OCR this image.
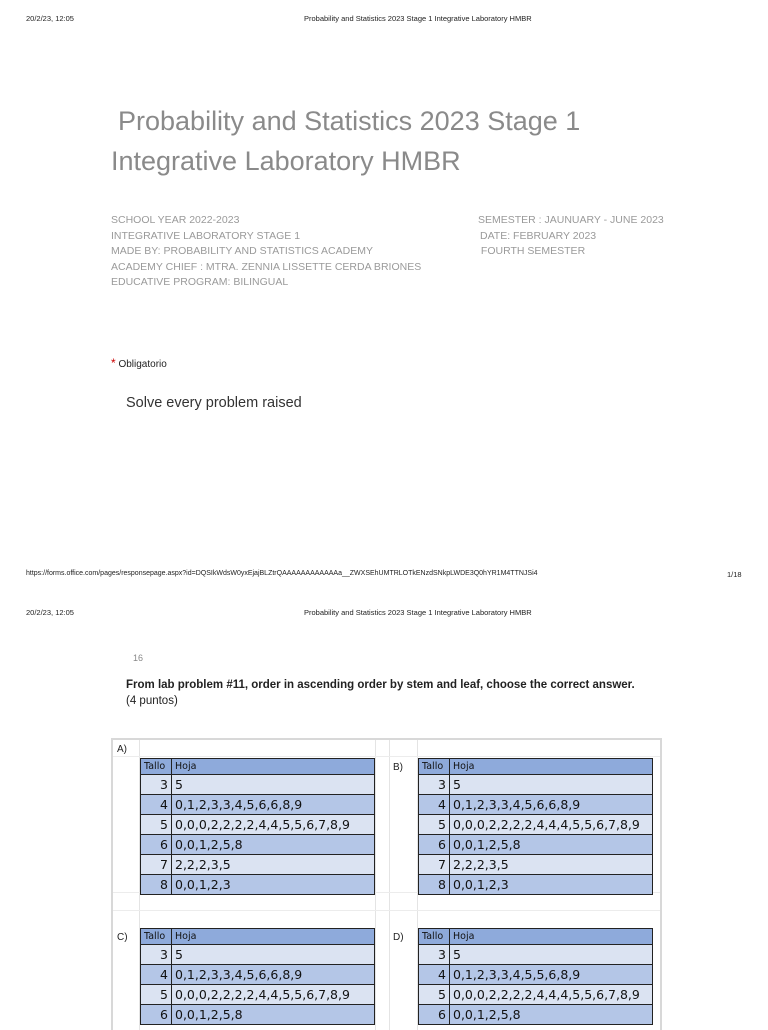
20/2/23, 12:05	Probability and Statistics 2023 Stage 1 Integrative Laboratory HMBR
Probability and Statistics 2023 Stage 1
Integrative Laboratory HMBR
SCHOOL YEAR 2022-2023
INTEGRATIVE LABORATORY STAGE 1
MADE BY: PROBABILITY AND STATISTICS ACADEMY
ACADEMY CHIEF : MTRA. ZENNIA LISSETTE CERDA BRIONES
EDUCATIVE PROGRAM: BILINGUAL
SEMESTER : JAUNUARY - JUNE 2023
DATE: FEBRUARY 2023
FOURTH SEMESTER
* Obligatorio
Solve every problem raised
https://forms.office.com/pages/responsepage.aspx?id=DQSIkWdsW0yxEjajBLZtrQAAAAAAAAAAAAa__ZWXSEhUMTRLOTkENzdSNkpLWDE3Q0hYR1M4TTNJSi4	1/18
20/2/23, 12:05	Probability and Statistics 2023 Stage 1 Integrative Laboratory HMBR
16
From lab problem #11, order in ascending order by stem and leaf, choose the correct answer.
(4 puntos)
A)
Tallo	Hoja
3	5
4	0,1,2,3,3,4,5,6,6,8,9
5	0,0,0,2,2,2,2,4,4,5,5,6,7,8,9
6	0,0,1,2,5,8
7	2,2,2,3,5
8	0,0,1,2,3
B) Tallo	Hoja
3	5
4	0,1,2,3,3,4,5,6,6,8,9
5	0,0,0,2,2,2,2,4,4,4,5,5,6,7,8,9
6	0,0,1,2,5,8
7	2,2,2,3,5
8	0,0,1,2,3
C) Tallo	Hoja
3	5
4	0,1,2,3,3,4,5,6,6,8,9
5	0,0,0,2,2,2,2,4,4,5,5,6,7,8,9
6	0,0,1,2,5,8
D) Tallo	Hoja
3	5
4	0,1,2,3,3,4,5,5,6,8,9
5	0,0,0,2,2,2,2,4,4,4,5,5,6,7,8,9
6	0,0,1,2,5,8
